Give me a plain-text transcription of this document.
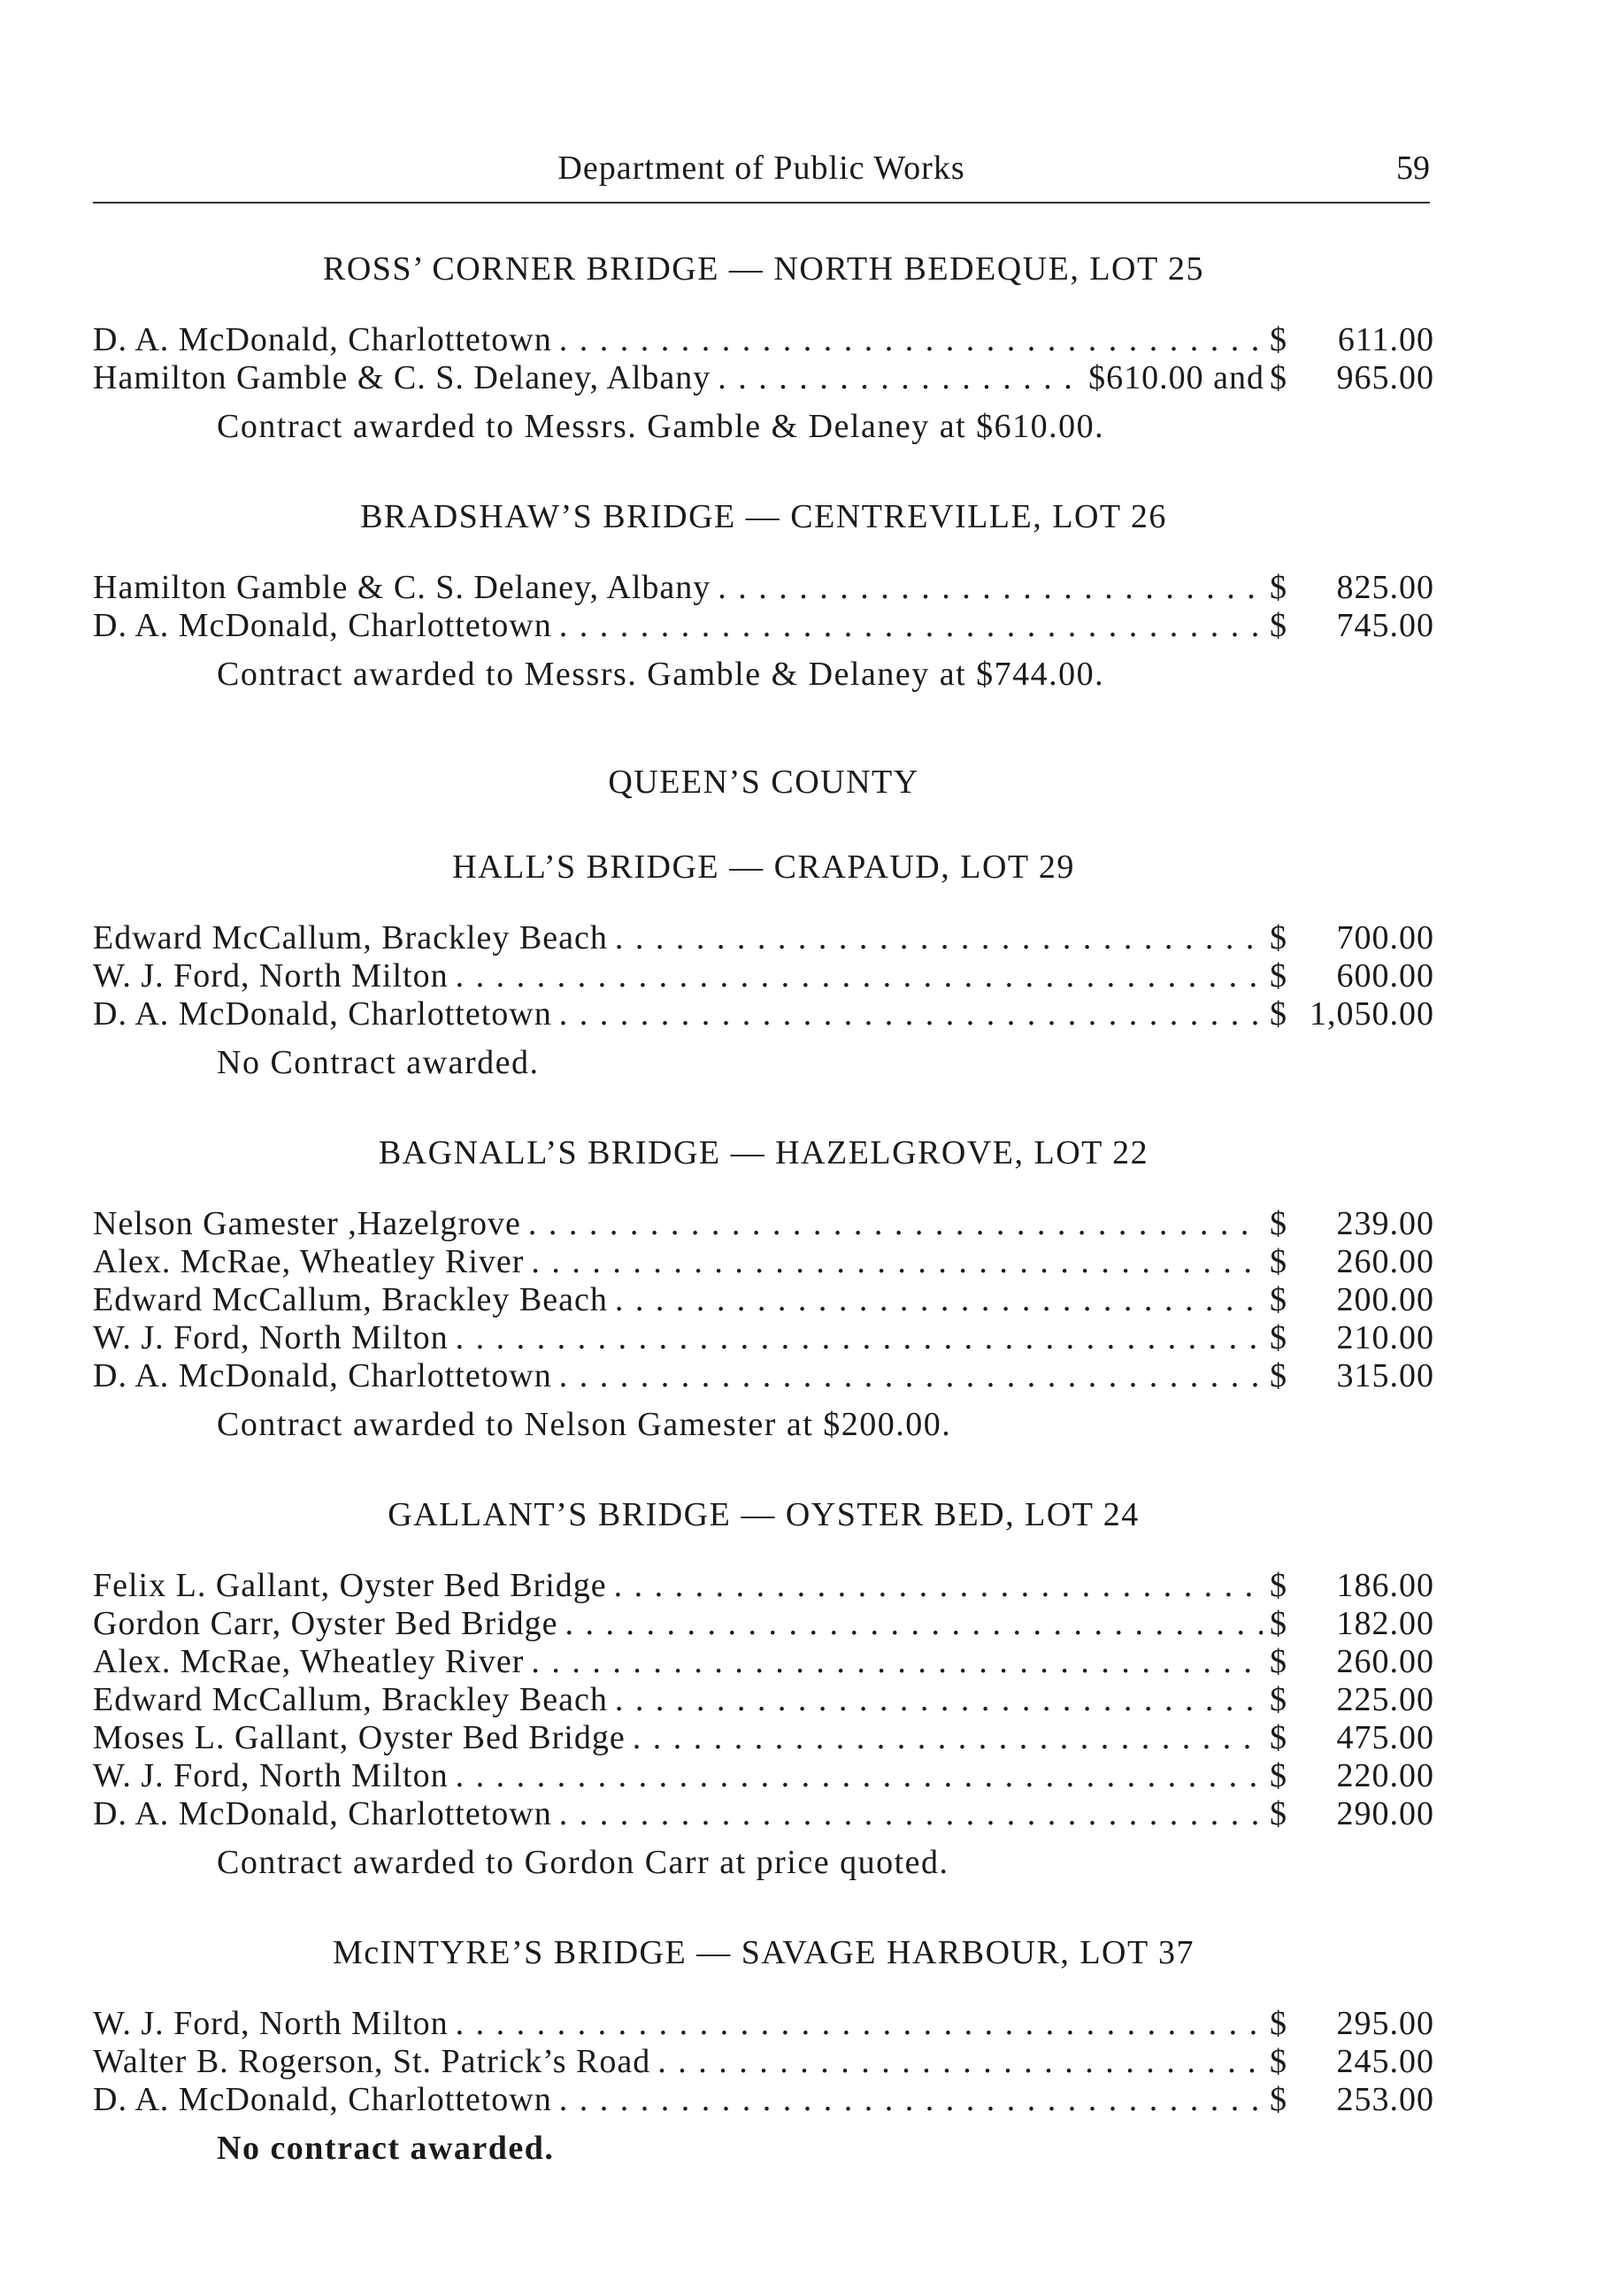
Department of Public Works	59
ROSS’ CORNER BRIDGE — NORTH BEDEQUE, LOT 25
D. A. McDonald, Charlottetown . . .	$	611.00
Hamilton Gamble & C. S. Delaney, Albany . . .	$610.00 and $	965.00
Contract awarded to Messrs. Gamble & Delaney at $610.00.
BRADSHAW’S BRIDGE — CENTREVILLE, LOT 26
Hamilton Gamble & C. S. Delaney, Albany . . .	$	825.00
D. A. McDonald, Charlottetown . . .	$	745.00
Contract awarded to Messrs. Gamble & Delaney at $744.00.
QUEEN’S COUNTY
HALL’S BRIDGE — CRAPAUD, LOT 29
Edward McCallum, Brackley Beach . . .	$	700.00
W. J. Ford, North Milton . . .	$	600.00
D. A. McDonald, Charlottetown . . .	$ 1,050.00
No Contract awarded.
BAGNALL’S BRIDGE — HAZELGROVE, LOT 22
Nelson Gamester ,Hazelgrove . . .	$	239.00
Alex. McRae, Wheatley River . . .	$	260.00
Edward McCallum, Brackley Beach . . .	$	200.00
W. J. Ford, North Milton . . .	$	210.00
D. A. McDonald, Charlottetown . . .	$	315.00
Contract awarded to Nelson Gamester at $200.00.
GALLANT’S BRIDGE — OYSTER BED, LOT 24
Felix L. Gallant, Oyster Bed Bridge . . .	$	186.00
Gordon Carr, Oyster Bed Bridge . . .	$	182.00
Alex. McRae, Wheatley River . . .	$	260.00
Edward McCallum, Brackley Beach . . .	$	225.00
Moses L. Gallant, Oyster Bed Bridge . . .	$	475.00
W. J. Ford, North Milton . . .	$	220.00
D. A. McDonald, Charlottetown . . .	$	290.00
Contract awarded to Gordon Carr at price quoted.
McINTYRE’S BRIDGE — SAVAGE HARBOUR, LOT 37
W. J. Ford, North Milton . . .	$	295.00
Walter B. Rogerson, St. Patrick’s Road . . .	$	245.00
D. A. McDonald, Charlottetown . . .	$	253.00
No contract awarded.
